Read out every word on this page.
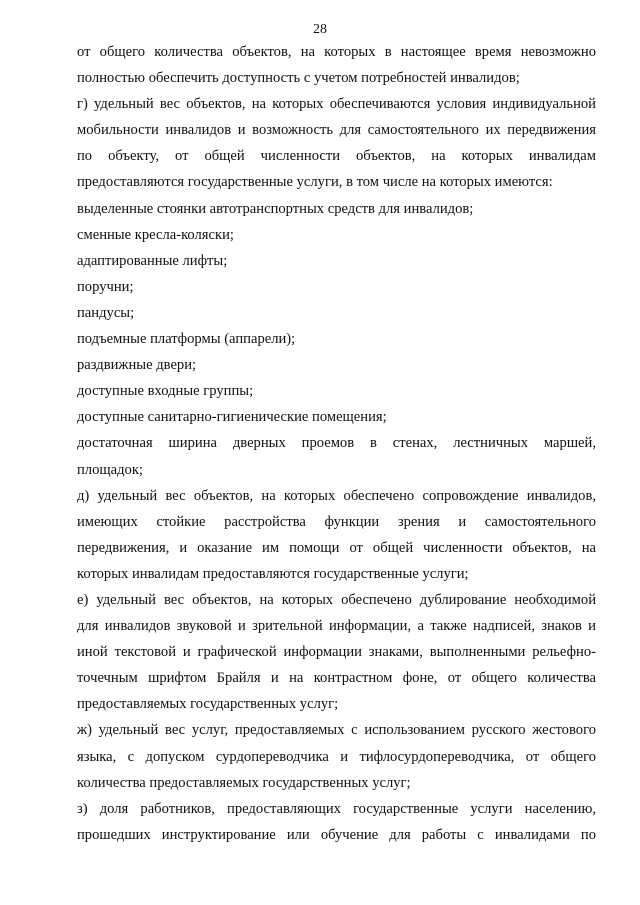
28
от общего количества объектов, на которых в настоящее время невозможно
полностью обеспечить доступность с учетом потребностей инвалидов;
г) удельный вес объектов, на которых обеспечиваются условия индивидуальной
мобильности инвалидов и возможность для самостоятельного их передвижения
по объекту, от общей численности объектов, на которых инвалидам
предоставляются государственные услуги, в том числе на которых имеются:
выделенные стоянки автотранспортных средств для инвалидов;
сменные кресла-коляски;
адаптированные лифты;
поручни;
пандусы;
подъемные платформы (аппарели);
раздвижные двери;
доступные входные группы;
доступные санитарно-гигиенические помещения;
достаточная ширина дверных проемов в стенах, лестничных маршей,
площадок;
д) удельный вес объектов, на которых обеспечено сопровождение инвалидов,
имеющих стойкие расстройства функции зрения и самостоятельного
передвижения, и оказание им помощи от общей численности объектов, на
которых инвалидам предоставляются государственные услуги;
е) удельный вес объектов, на которых обеспечено дублирование необходимой
для инвалидов звуковой и зрительной информации, а также надписей, знаков и
иной текстовой и графической информации знаками, выполненными рельефно-
точечным шрифтом Брайля и на контрастном фоне, от общего количества
предоставляемых государственных услуг;
ж) удельный вес услуг, предоставляемых с использованием русского жестового
языка, с допуском сурдопереводчика и тифлосурдопереводчика, от общего
количества предоставляемых государственных услуг;
з) доля работников, предоставляющих государственные услуги населению,
прошедших инструктирование или обучение для работы с инвалидами по
